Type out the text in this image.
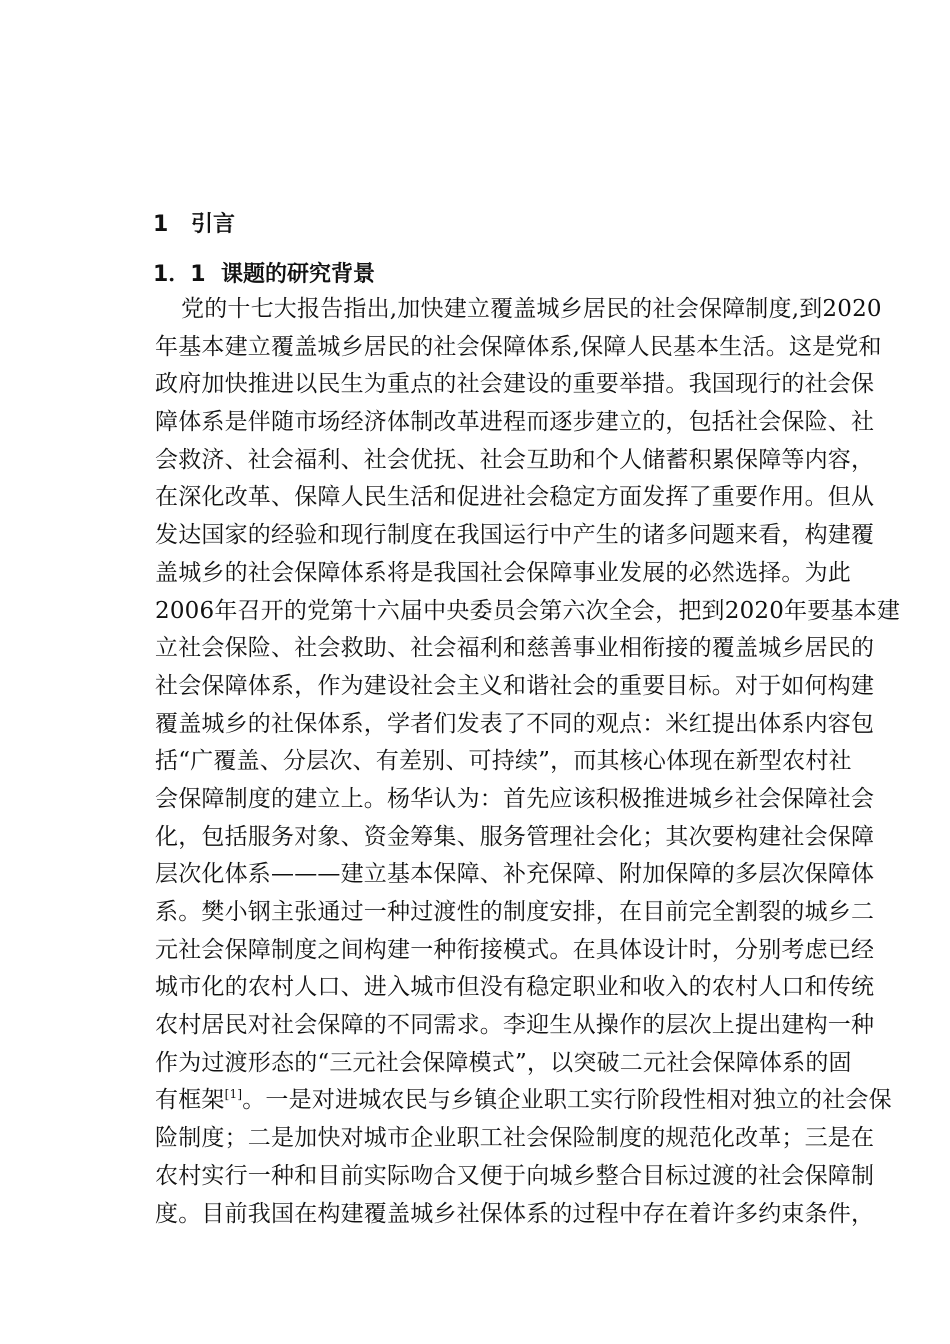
1 引言
1．1 课题的研究背景
党的十七大报告指出,加快建立覆盖城乡居民的社会保障制度,到2020
年基本建立覆盖城乡居民的社会保障体系,保障人民基本生活。这是党和
政府加快推进以民生为重点的社会建设的重要举措。我国现行的社会保
障体系是伴随市场经济体制改革进程而逐步建立的，包括社会保险、社
会救济、社会福利、社会优抚、社会互助和个人储蓄积累保障等内容，
在深化改革、保障人民生活和促进社会稳定方面发挥了重要作用。但从
发达国家的经验和现行制度在我国运行中产生的诸多问题来看，构建覆
盖城乡的社会保障体系将是我国社会保障事业发展的必然选择。为此
2006年召开的党第十六届中央委员会第六次全会，把到2020年要基本建
立社会保险、社会救助、社会福利和慈善事业相衔接的覆盖城乡居民的
社会保障体系，作为建设社会主义和谐社会的重要目标。对于如何构建
覆盖城乡的社保体系，学者们发表了不同的观点：米红提出体系内容包
括“广覆盖、分层次、有差别、可持续”，而其核心体现在新型农村社
会保障制度的建立上。杨华认为：首先应该积极推进城乡社会保障社会
化，包括服务对象、资金筹集、服务管理社会化；其次要构建社会保障
层次化体系———建立基本保障、补充保障、附加保障的多层次保障体
系。樊小钢主张通过一种过渡性的制度安排，在目前完全割裂的城乡二
元社会保障制度之间构建一种衔接模式。在具体设计时，分别考虑已经
城市化的农村人口、进入城市但没有稳定职业和收入的农村人口和传统
农村居民对社会保障的不同需求。李迎生从操作的层次上提出建构一种
作为过渡形态的“三元社会保障模式”，以突破二元社会保障体系的固
有框架[1]。一是对进城农民与乡镇企业职工实行阶段性相对独立的社会保
险制度；二是加快对城市企业职工社会保险制度的规范化改革；三是在
农村实行一种和目前实际吻合又便于向城乡整合目标过渡的社会保障制
度。目前我国在构建覆盖城乡社保体系的过程中存在着许多约束条件，
